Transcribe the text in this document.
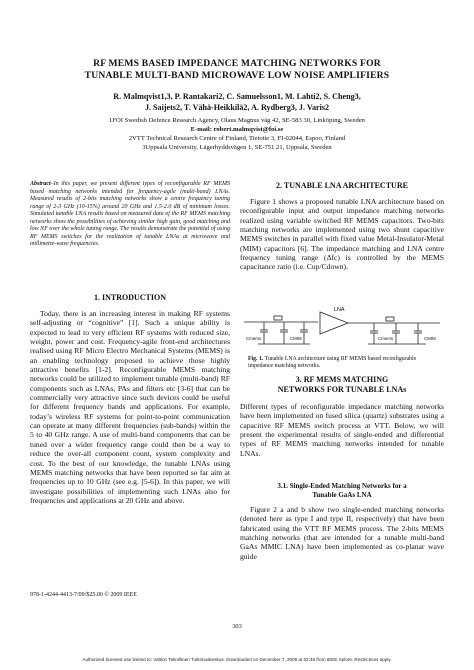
RF MEMS BASED IMPEDANCE MATCHING NETWORKS FOR
TUNABLE MULTI-BAND MICROWAVE LOW NOISE AMPLIFIERS
R. Malmqvist1,3, P. Rantakari2, C. Samuelsson1, M. Lahti2, S. Cheng3,
J. Saijets2, T. Vähä-Heikkilä2, A. Rydberg3, J. Varis2
1FOI Swedish Defence Research Agency, Olaus Magnus väg 42, SE-583 30, Linköping, Sweden
E-mail: robert.malmqvist@foi.se
2VTT Technical Research Centre of Finland, Tietotie 3, FI-02044, Espoo, Finland
3Uppsala University, Lägerhyddsvägen 1, SE-751 21, Uppsala, Sweden
Abstract–In this paper, we present different types of reconfigurable RF MEMS based matching networks intended for frequency-agile (multi-band) LNAs. Measured results of 2-bits matching networks show a centre frequency tuning range of 2-3 GHz (10-15%) around 20 GHz and 1.5-2.0 dB of minimum losses. Simulated tunable LNA results based on measured data of the RF MEMS matching networks show the possibilities of achieving similar high gain, good matching and low NF over the whole tuning range. The results demonstrate the potential of using RF MEMS switches for the realization of tunable LNAs at microwave and millimetre-wave frequencies.
1. INTRODUCTION
Today, there is an increasing interest in making RF systems self-adjusting or “cognitive” [1]. Such a unique ability is expected to lead to very efficient RF systems with reduced size, weight, power and cost. Frequency-agile front-end architectures realised using RF Micro Electro Mechanical Systems (MEMS) is an enabling technology proposed to achieve those highly attractive benefits [1-2]. Reconfigurable MEMS matching networks could be utilized to implement tunable (multi-band) RF components such as LNAs, PAs and filters etc [3-6] that can be commercially very attractive since such devices could be useful for different frequency bands and applications. For example, today’s wireless RF systems for point-to-point communication can operate at many different frequencies (sub-bands) within the 5 to 40 GHz range. A use of multi-band components that can be tuned over a wider frequency range could then be a way to reduce the over-all component count, system complexity and cost. To the best of our knowledge, the tunable LNAs using MEMS matching networks that have been reported so far aim at frequencies up to 10 GHz (see e.g. [5-6]). In this paper, we will investigate possibilities of implementing such LNAs also for frequencies and applications at 20 GHz and above.
978-1-4244-4413-7/09/$25.00 © 2009 IEEE
2. TUNABLE LNA ARCHITECTURE
Figure 1 shows a proposed tunable LNA architecture based on reconfigurable input and output impedance matching networks realized using variable switched RF MEMS capacitors. Two-bits matching networks are implemented using two shunt capacitive MEMS switches in parallel with fixed value Metal-Insulator-Metal (MIM) capacitors [6]. The impedance matching and LNA centre frequency tuning range (Δfc) is controlled by the MEMS capacitance ratio (i.e. Cup/Cdown).
LNA
Cmems	CMIM	Cmems	CMIM
Fig. 1. Tunable LNA architecture using RF MEMS based reconfigurable impedance matching networks.
3. RF MEMS MATCHING
NETWORKS FOR TUNABLE LNAs
Different types of reconfigurable impedance matching networks have been implemented on fused silica (quartz) substrates using a capacitive RF MEMS switch process at VTT. Below, we will present the experimental results of single-ended and differential types of RF MEMS matching networks intended for tunable LNAs.
3.1. Single-Ended Matching Networks for a
Tunable GaAs LNA
Figure 2 a and b show two single-ended matching networks (denoted here as type I and type II, respectively) that have been fabricated using the VTT RF MEMS process. The 2-bits MEMS matching networks (that are intended for a tunable multi-band GaAs MMIC LNA) have been implemented as co-planar wave guide
303
Authorized licensed use limited to: Valtion Teknillinen Tutkimuskeskus. Downloaded on December 7, 2009 at 02:48 from IEEE Xplore. Restrictions apply.
